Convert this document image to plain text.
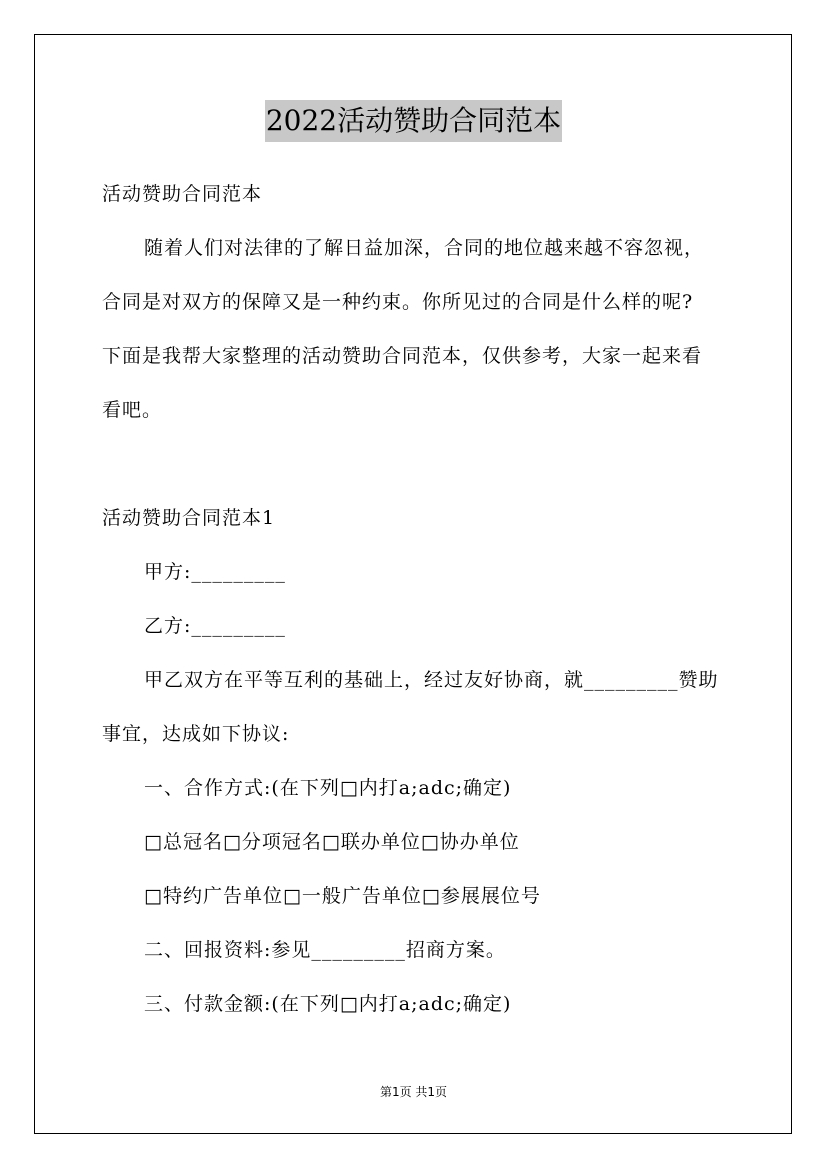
2022活动赞助合同范本
活动赞助合同范本
随着人们对法律的了解日益加深，合同的地位越来越不容忽视，
合同是对双方的保障又是一种约束。你所见过的合同是什么样的呢?
下面是我帮大家整理的活动赞助合同范本，仅供参考，大家一起来看
看吧。
活动赞助合同范本1
甲方:_________
乙方:_________
甲乙双方在平等互利的基础上，经过友好协商，就_________赞助
事宜，达成如下协议:
一、合作方式:(在下列□内打a;adc;确定)
□总冠名□分项冠名□联办单位□协办单位
□特约广告单位□一般广告单位□参展展位号
二、回报资料:参见_________招商方案。
三、付款金额:(在下列□内打a;adc;确定)
第1页 共1页
